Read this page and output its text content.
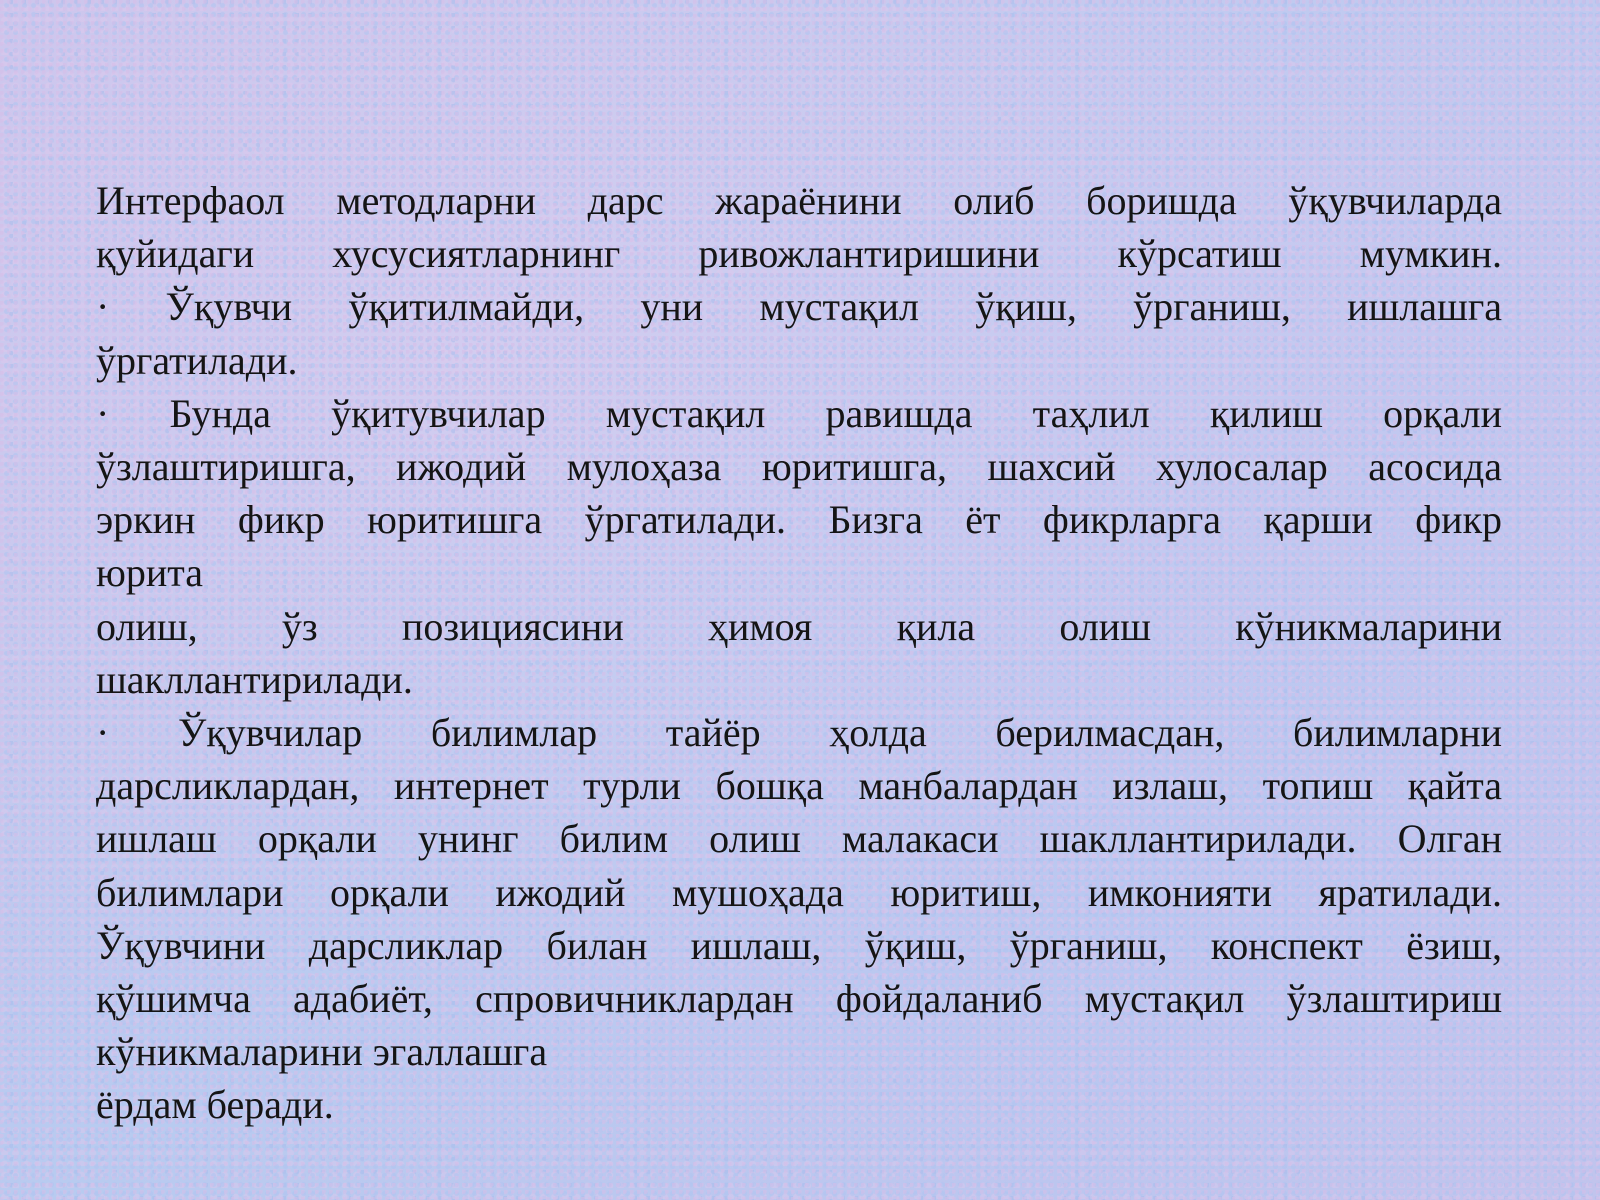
Интерфаол методларни дарс жараёнини олиб боришда ўқувчиларда

қуйидаги хусусиятларнинг ривожлантиришини кўрсатиш мумкин.

· Ўқувчи ўқитилмайди, уни мустақил ўқиш, ўрганиш, ишлашга

ўргатилади.

· Бунда ўқитувчилар мустақил равишда таҳлил қилиш орқали

ўзлаштиришга, ижодий мулоҳаза юритишга, шахсий хулосалар асосида

эркин фикр юритишга ўргатилади. Бизга ёт фикрларга қарши фикр

юрита

олиш, ўз позициясини ҳимоя қила олиш кўникмаларини

шакллантирилади.

· Ўқувчилар билимлар тайёр ҳолда берилмасдан, билимларни

дарсликлардан, интернет турли бошқа манбалардан излаш, топиш қайта

ишлаш орқали унинг билим олиш малакаси шакллантирилади. Олган

билимлари орқали ижодий мушоҳада юритиш, имконияти яратилади.

Ўқувчини дарсликлар билан ишлаш, ўқиш, ўрганиш, конспект ёзиш,

қўшимча адабиёт, спровичниклардан фойдаланиб мустақил ўзлаштириш

кўникмаларини эгаллашга

ёрдам беради.
